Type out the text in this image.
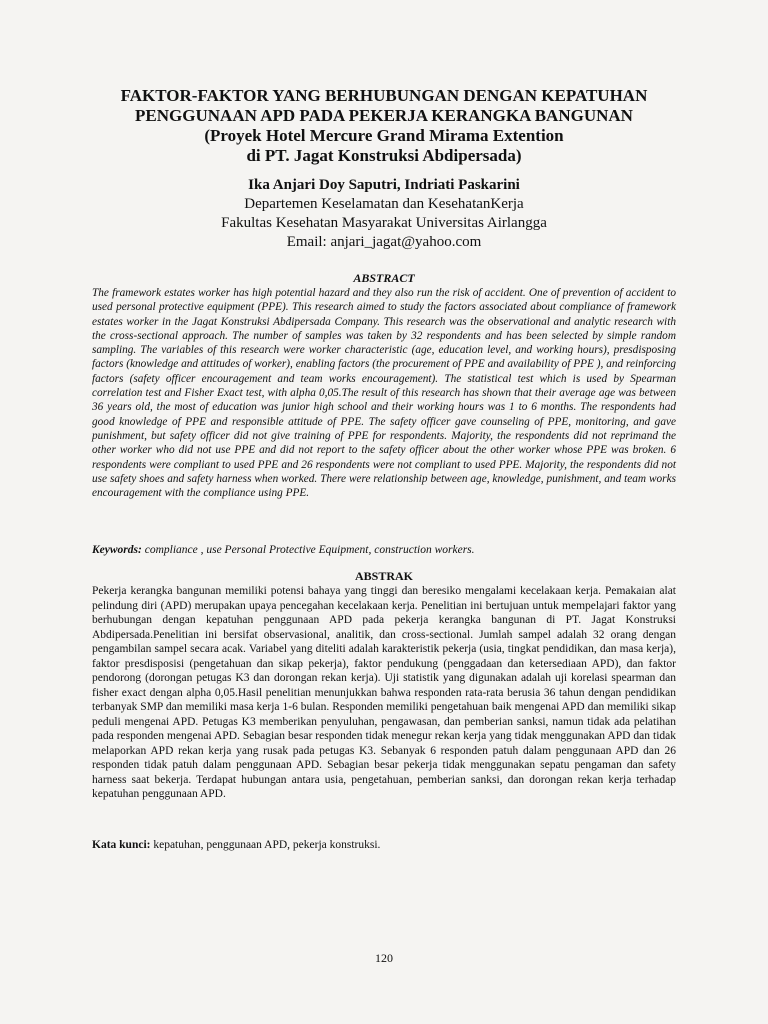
FAKTOR-FAKTOR YANG BERHUBUNGAN DENGAN KEPATUHAN
PENGGUNAAN APD PADA PEKERJA KERANGKA BANGUNAN
(Proyek Hotel Mercure Grand Mirama Extention
di PT. Jagat Konstruksi Abdipersada)
Ika Anjari Doy Saputri, Indriati Paskarini
Departemen Keselamatan dan KesehatanKerja
Fakultas Kesehatan Masyarakat Universitas Airlangga
Email: anjari_jagat@yahoo.com
ABSTRACT
The framework estates worker has high potential hazard and they also run the risk of accident. One of prevention of accident to used personal protective equipment (PPE). This research aimed to study the factors associated about compliance of framework estates worker in the Jagat Konstruksi Abdipersada Company. This research was the observational and analytic research with the cross-sectional approach. The number of samples was taken by 32 respondents and has been selected by simple random sampling. The variables of this research were worker characteristic (age, education level, and working hours), presdisposing factors (knowledge and attitudes of worker), enabling factors (the procurement of PPE and availability of PPE ), and reinforcing factors (safety officer encouragement and team works encouragement). The statistical test which is used by Spearman correlation test and Fisher Exact test, with alpha 0,05.The result of this research has shown that their average age was between 36 years old, the most of education was junior high school and their working hours was 1 to 6 months. The respondents had good knowledge of PPE and responsible attitude of PPE. The safety officer gave counseling of PPE, monitoring, and gave punishment, but safety officer did not give training of PPE for respondents. Majority, the respondents did not reprimand the other worker who did not use PPE and did not report to the safety officer about the other worker whose PPE was broken. 6 respondents were compliant to used PPE and 26 respondents were not compliant to used PPE. Majority, the respondents did not use safety shoes and safety harness when worked. There were relationship between age, knowledge, punishment, and team works encouragement with the compliance using PPE.
Keywords: compliance , use Personal Protective Equipment, construction workers.
ABSTRAK
Pekerja kerangka bangunan memiliki potensi bahaya yang tinggi dan beresiko mengalami kecelakaan kerja. Pemakaian alat pelindung diri (APD) merupakan upaya pencegahan kecelakaan kerja. Penelitian ini bertujuan untuk mempelajari faktor yang berhubungan dengan kepatuhan penggunaan APD pada pekerja kerangka bangunan di PT. Jagat Konstruksi Abdipersada.Penelitian ini bersifat observasional, analitik, dan cross-sectional. Jumlah sampel adalah 32 orang dengan pengambilan sampel secara acak. Variabel yang diteliti adalah karakteristik pekerja (usia, tingkat pendidikan, dan masa kerja), faktor presdisposisi (pengetahuan dan sikap pekerja), faktor pendukung (penggadaan dan ketersediaan APD), dan faktor pendorong (dorongan petugas K3 dan dorongan rekan kerja). Uji statistik yang digunakan adalah uji korelasi spearman dan fisher exact dengan alpha 0,05.Hasil penelitian menunjukkan bahwa responden rata-rata berusia 36 tahun dengan pendidikan terbanyak SMP dan memiliki masa kerja 1-6 bulan. Responden memiliki pengetahuan baik mengenai APD dan memiliki sikap peduli mengenai APD. Petugas K3 memberikan penyuluhan, pengawasan, dan pemberian sanksi, namun tidak ada pelatihan pada responden mengenai APD. Sebagian besar responden tidak menegur rekan kerja yang tidak menggunakan APD dan tidak melaporkan APD rekan kerja yang rusak pada petugas K3. Sebanyak 6 responden patuh dalam penggunaan APD dan 26 responden tidak patuh dalam penggunaan APD. Sebagian besar pekerja tidak menggunakan sepatu pengaman dan safety harness saat bekerja. Terdapat hubungan antara usia, pengetahuan, pemberian sanksi, dan dorongan rekan kerja terhadap kepatuhan penggunaan APD.
Kata kunci: kepatuhan, penggunaan APD, pekerja konstruksi.
120
